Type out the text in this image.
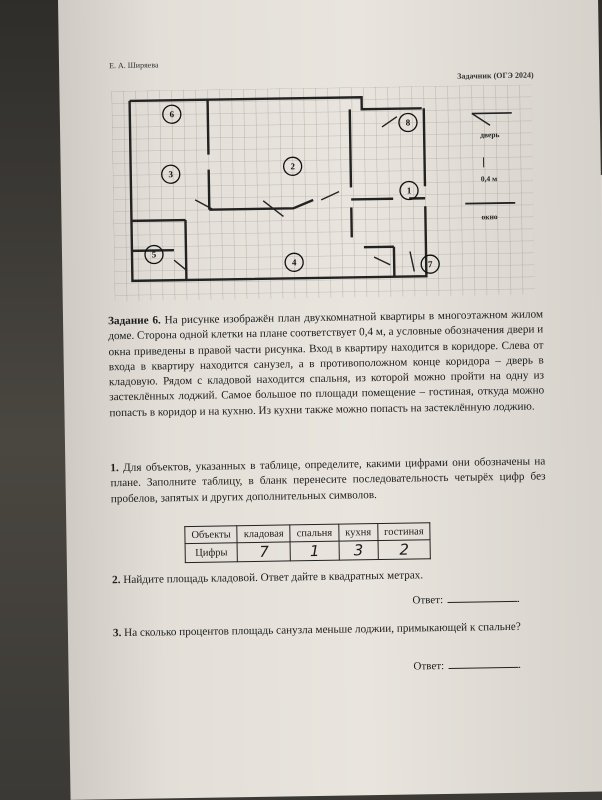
Е. А. Ширяева
Задачник (ОГЭ 2024)
дверь
0,4 м
окно
6
3
2
8
1
5
4	7
Задание 6. На рисунке изображён план двухкомнатной квартиры в многоэтажном жилом доме. Сторона одной клетки на плане соответствует 0,4 м, а условные обозначения двери и окна приведены в правой части рисунка. Вход в квартиру находится в коридоре. Слева от входа в квартиру находится санузел, а в противоположном конце коридора – дверь в кладовую. Рядом с кладовой находится спальня, из которой можно пройти на одну из застеклённых лоджий. Самое большое по площади помещение – гостиная, откуда можно попасть в коридор и на кухню. Из кухни также можно попасть на застеклённую лоджию.
1. Для объектов, указанных в таблице, определите, какими цифрами они обозначены на плане. Заполните таблицу, в бланк перенесите последовательность четырёх цифр без пробелов, запятых и других дополнительных символов.
Объекты	кладовая	спальня	кухня	гостиная
Цифры	7	1	3	2
2. Найдите площадь кладовой. Ответ дайте в квадратных метрах.
Ответ:	.
3. На сколько процентов площадь санузла меньше лоджии, примыкающей к спальне?
Ответ:	.
